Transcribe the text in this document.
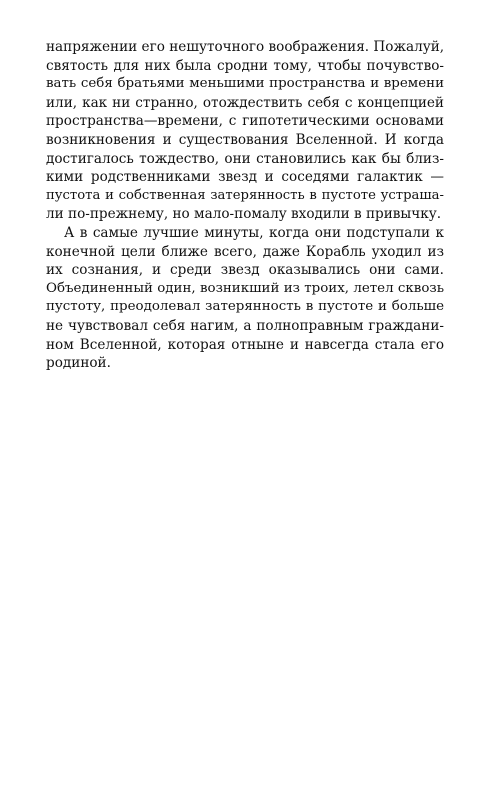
напряжении его нешуточного воображения. Пожалуй,
святость для них была сродни тому, чтобы почувство-
вать себя братьями меньшими пространства и времени
или, как ни странно, отождествить себя с концепцией
пространства—времени, с гипотетическими основами
возникновения и существования Вселенной. И когда
достигалось тождество, они становились как бы близ-
кими родственниками звезд и соседями галактик —
пустота и собственная затерянность в пустоте устраша-
ли по-прежнему, но мало-помалу входили в привычку.
А в самые лучшие минуты, когда они подступали к
конечной цели ближе всего, даже Корабль уходил из
их сознания, и среди звезд оказывались они сами.
Объединенный один, возникший из троих, летел сквозь
пустоту, преодолевал затерянность в пустоте и больше
не чувствовал себя нагим, а полноправным граждани-
ном Вселенной, которая отныне и навсегда стала его
родиной.
